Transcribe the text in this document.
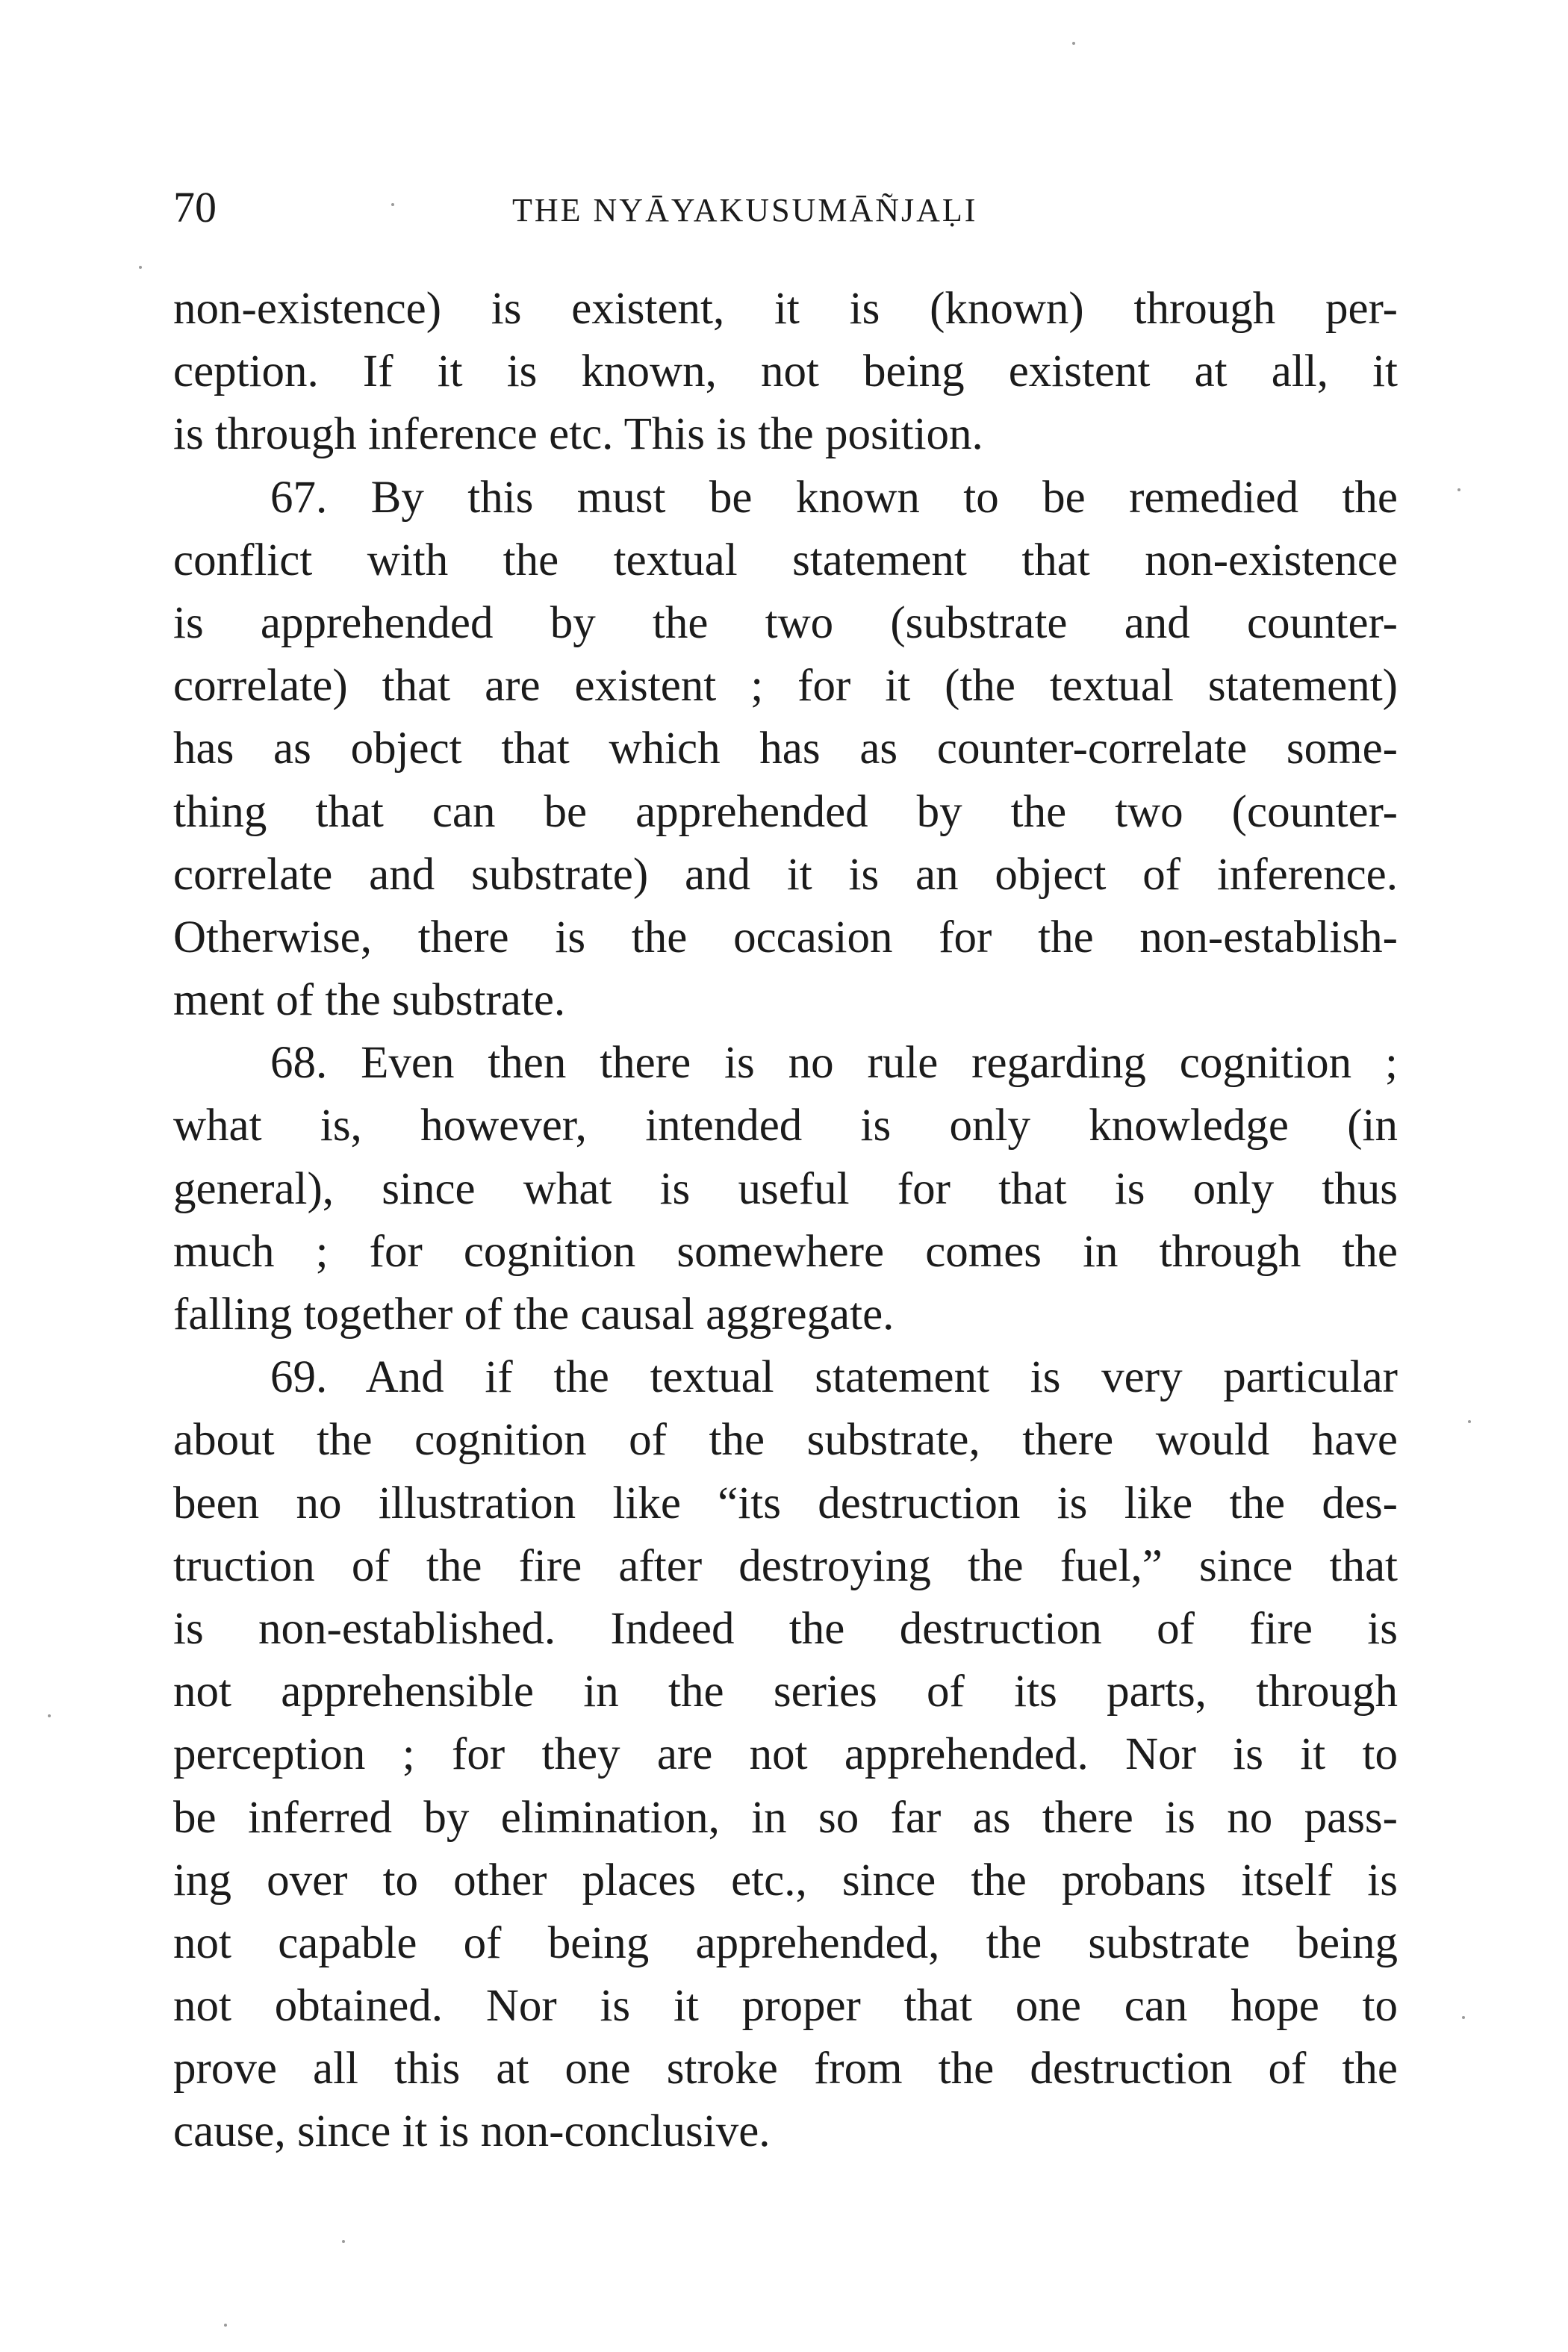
70	THE NYĀYAKUSUMĀÑJAḶI
non-existence) is existent, it is (known) through per-
ception. If it is known, not being existent at all, it
is through inference etc. This is the position.
67. By this must be known to be remedied the
conflict with the textual statement that non-existence
is apprehended by the two (substrate and counter-
correlate) that are existent ; for it (the textual statement)
has as object that which has as counter-correlate some-
thing that can be apprehended by the two (counter-
correlate and substrate) and it is an object of inference.
Otherwise, there is the occasion for the non-establish-
ment of the substrate.
68. Even then there is no rule regarding cognition ;
what is, however, intended is only knowledge (in
general), since what is useful for that is only thus
much ; for cognition somewhere comes in through the
falling together of the causal aggregate.
69. And if the textual statement is very particular
about the cognition of the substrate, there would have
been no illustration like “its destruction is like the des-
truction of the fire after destroying the fuel,” since that
is non-established. Indeed the destruction of fire is
not apprehensible in the series of its parts, through
perception ; for they are not apprehended. Nor is it to
be inferred by elimination, in so far as there is no pass-
ing over to other places etc., since the probans itself is
not capable of being apprehended, the substrate being
not obtained. Nor is it proper that one can hope to
prove all this at one stroke from the destruction of the
cause, since it is non-conclusive.
